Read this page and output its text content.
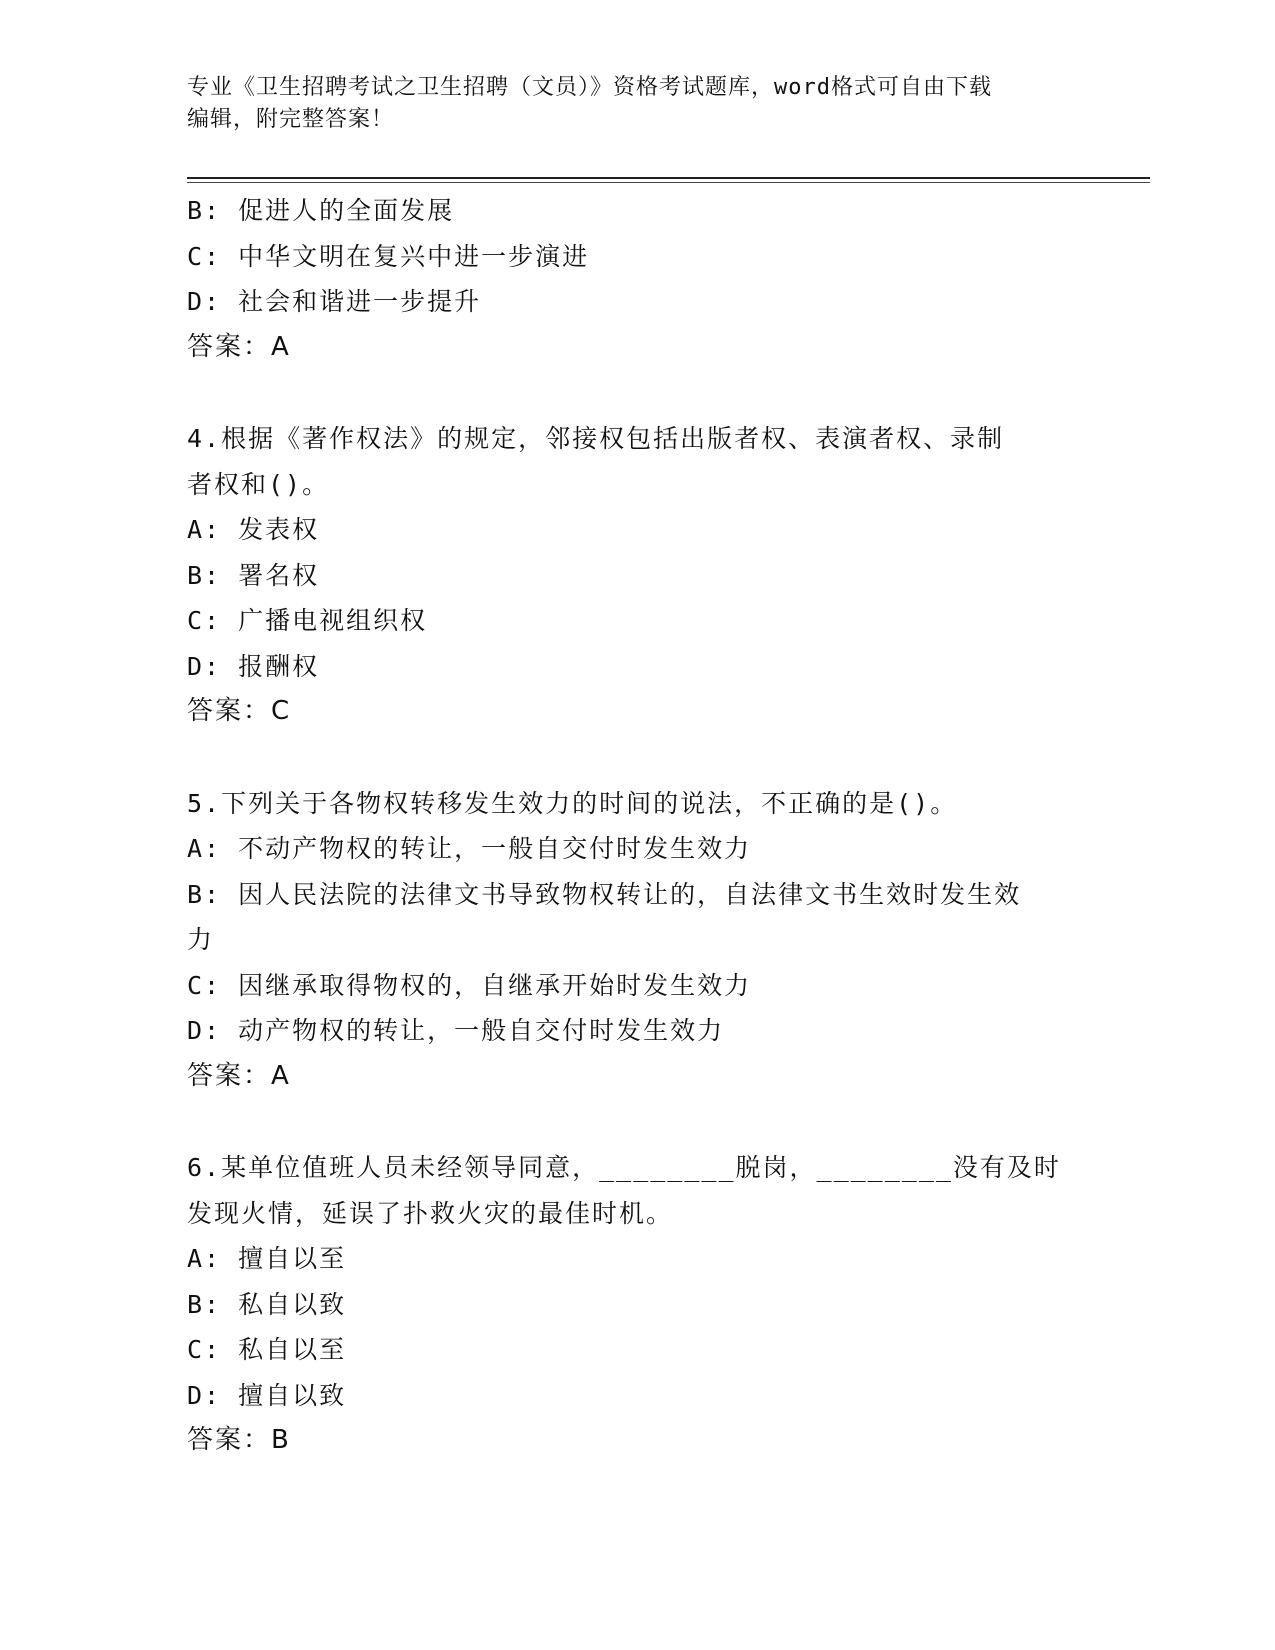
专业《卫生招聘考试之卫生招聘（文员）》资格考试题库，word格式可自由下载
编辑，附完整答案！
B: 促进人的全面发展
C: 中华文明在复兴中进一步演进
D: 社会和谐进一步提升
答案：A
4.根据《著作权法》的规定，邻接权包括出版者权、表演者权、录制
者权和()。
A: 发表权
B: 署名权
C: 广播电视组织权
D: 报酬权
答案：C
5.下列关于各物权转移发生效力的时间的说法，不正确的是()。
A: 不动产物权的转让，一般自交付时发生效力
B: 因人民法院的法律文书导致物权转让的，自法律文书生效时发生效
力
C: 因继承取得物权的，自继承开始时发生效力
D: 动产物权的转让，一般自交付时发生效力
答案：A
6.某单位值班人员未经领导同意，________脱岗，________没有及时
发现火情，延误了扑救火灾的最佳时机。
A: 擅自以至
B: 私自以致
C: 私自以至
D: 擅自以致
答案：B
